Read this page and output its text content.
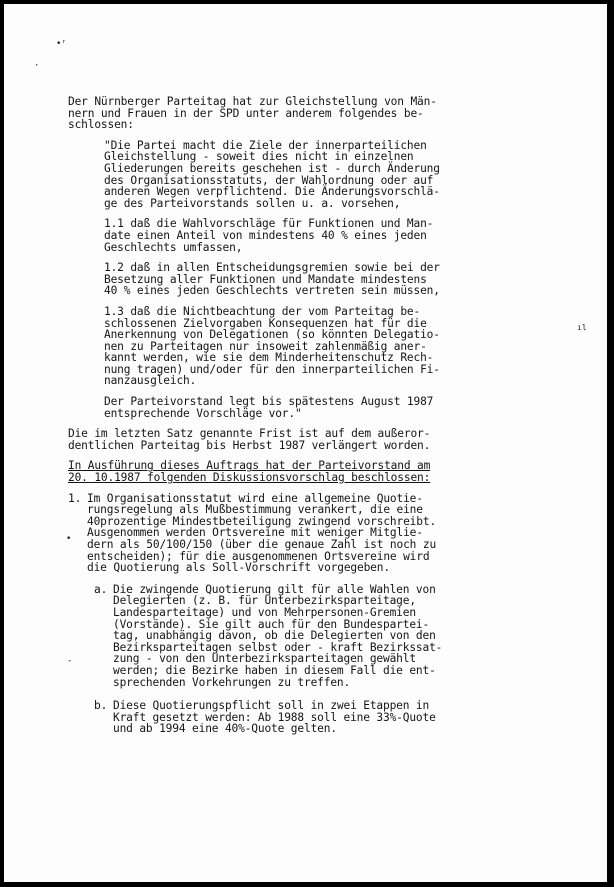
•ʳ
·
ıl
•
-
Der Nürnberger Parteitag hat zur Gleichstellung von Män-
nern und Frauen in der SPD unter anderem folgendes be-
schlossen:
"Die Partei macht die Ziele der innerparteilichen
Gleichstellung - soweit dies nicht in einzelnen
Gliederungen bereits geschehen ist - durch Änderung
des Organisationsstatuts, der Wahlordnung oder auf
anderen Wegen verpflichtend. Die Änderungsvorschlä-
ge des Parteivorstands sollen u. a. vorsehen,
1.1 daß die Wahlvorschläge für Funktionen und Man-
date einen Anteil von mindestens 40 % eines jeden
Geschlechts umfassen,
1.2 daß in allen Entscheidungsgremien sowie bei der
Besetzung aller Funktionen und Mandate mindestens
40 % eines jeden Geschlechts vertreten sein müssen,
1.3 daß die Nichtbeachtung der vom Parteitag be-
schlossenen Zielvorgaben Konsequenzen hat für die
Anerkennung von Delegationen (so könnten Delegatio-
nen zu Parteitagen nur insoweit zahlenmäßig aner-
kannt werden, wie sie dem Minderheitenschutz Rech-
nung tragen) und/oder für den innerparteilichen Fi-
nanzausgleich.
Der Parteivorstand legt bis spätestens August 1987
entsprechende Vorschläge vor."
Die im letzten Satz genannte Frist ist auf dem außeror-
dentlichen Parteitag bis Herbst 1987 verlängert worden.
In Ausführung dieses Auftrags hat der Parteivorstand am
20. 10.1987 folgenden Diskussionsvorschlag beschlossen:
1. Im Organisationsstatut wird eine allgemeine Quotie-
rungsregelung als Mußbestimmung verankert, die eine
40prozentige Mindestbeteiligung zwingend vorschreibt.
Ausgenommen werden Ortsvereine mit weniger Mitglie-
dern als 50/100/150 (über die genaue Zahl ist noch zu
entscheiden); für die ausgenommenen Ortsvereine wird
die Quotierung als Soll-Vorschrift vorgegeben.
a. Die zwingende Quotierung gilt für alle Wahlen von
Delegierten (z. B. für Unterbezirksparteitage,
Landesparteitage) und von Mehrpersonen-Gremien
(Vorstände). Sie gilt auch für den Bundespartei-
tag, unabhängig davon, ob die Delegierten von den
Bezirksparteitagen selbst oder - kraft Bezirkssat-
zung - von den Unterbezirksparteitagen gewählt
werden; die Bezirke haben in diesem Fall die ent-
sprechenden Vorkehrungen zu treffen.
b. Diese Quotierungspflicht soll in zwei Etappen in
Kraft gesetzt werden: Ab 1988 soll eine 33%-Quote
und ab 1994 eine 40%-Quote gelten.
